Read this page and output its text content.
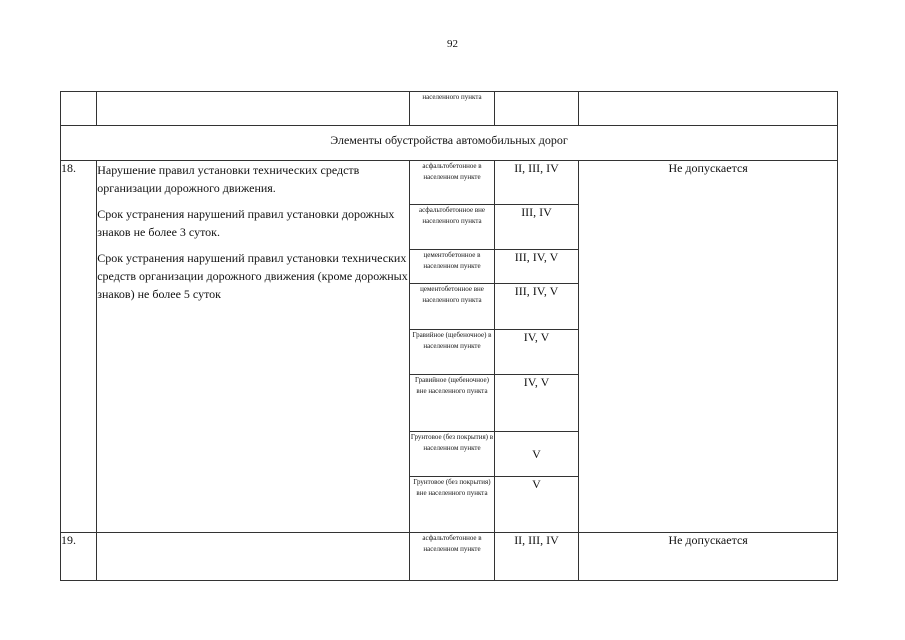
92
		населенного пункта		
Элементы обустройства автомобильных дорог				
18.	Нарушение правил установки технических средств организации дорожного движения.

Срок устранения нарушений правил установки дорожных знаков не более 3 суток.

Срок устранения нарушений правил установки технических средств организации дорожного движения (кроме дорожных знаков) не более 5 суток	асфальтобетонное в населенном пункте	II, III, IV	Не допускается
		асфальтобетонное вне населенного пункта	III, IV	
		цементобетонное в населенном пункте	III, IV, V	
		цементобетонное вне населенного пункта	III, IV, V	
		Гравийное (щебеночное) в населенном пункте	IV, V	
		Гравийное (щебеночное) вне населенного пункта	IV, V	
		Грунтовое (без покрытия) в населенном пункте	V	
		Грунтовое (без покрытия) вне населенного пункта	V	
19.		асфальтобетонное в населенном пункте	II, III, IV	Не допускается
